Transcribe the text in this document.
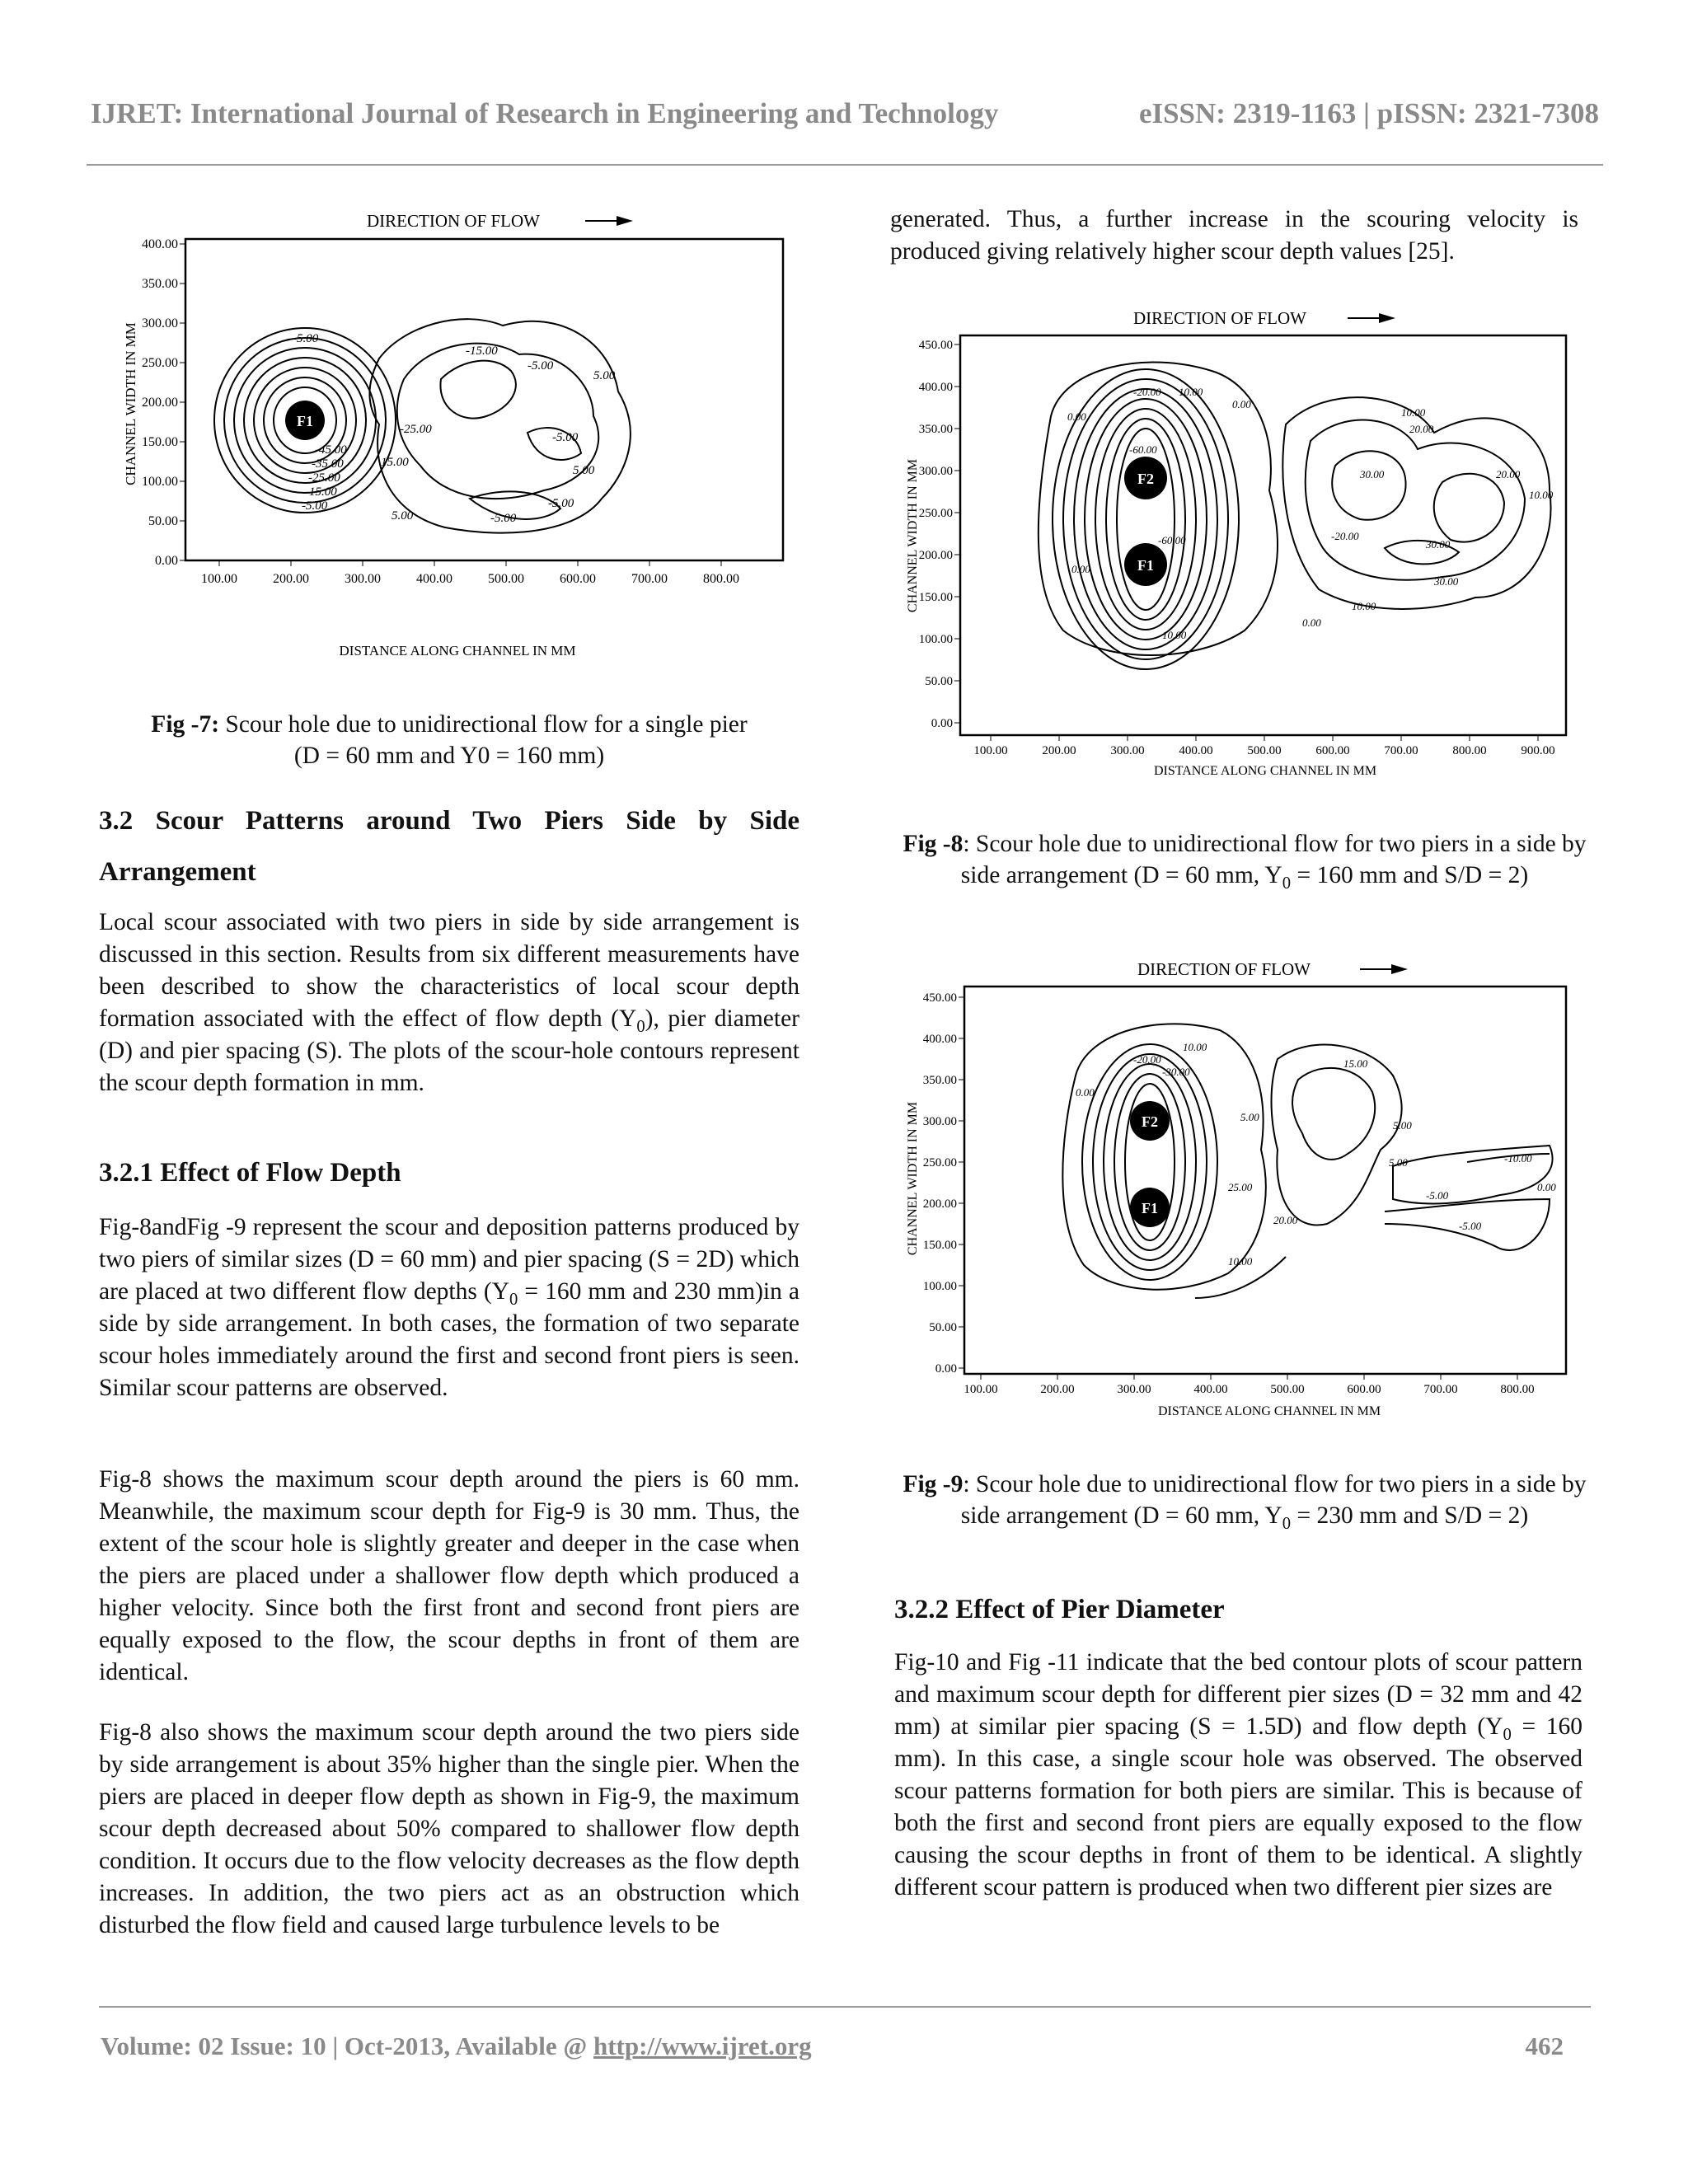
IJRET: International Journal of Research in Engineering and Technology	eISSN: 2319-1163 | pISSN: 2321-7308
DIRECTION OF FLOW
0.00
50.00
100.00
150.00
200.00
250.00
300.00
350.00
400.00
100.00	200.00	300.00	400.00	500.00	600.00	700.00	800.00
DISTANCE ALONG CHANNEL IN MM
CHANNEL WIDTH IN MM	F1
-5.00
-15.00
-5.00
5.00
-25.00
15.00
5.00
-5.00
-5.00
-5.00
-45.00
-35.00
-25.00
-15.00
-5.00
5.00
Fig -7: Scour hole due to unidirectional flow for a single pier
(D = 60 mm and Y0 = 160 mm)
3.2 Scour Patterns around Two Piers Side by Side
Arrangement

Local scour associated with two piers in side by side arrangement is discussed in this section. Results from six different measurements have been described to show the characteristics of local scour depth formation associated with the effect of flow depth $(Y_0)$, pier diameter (D) and pier spacing (S). The plots of the scour-hole contours represent the scour depth formation in mm.

3.2.1 Effect of Flow Depth

Fig-8andFig -9 represent the scour and deposition patterns produced by two piers of similar sizes (D = 60 mm) and pier spacing (S = 2D) which are placed at two different flow depths ($Y_0 = 160$ mm and 230 mm)in a side by side arrangement. In both cases, the formation of two separate scour holes immediately around the first and second front piers is seen. Similar scour patterns are observed.

Fig-8 shows the maximum scour depth around the piers is 60 mm. Meanwhile, the maximum scour depth for Fig-9 is 30 mm. Thus, the extent of the scour hole is slightly greater and deeper in the case when the piers are placed under a shallower flow depth which produced a higher velocity. Since both the first front and second front piers are equally exposed to the flow, the scour depths in front of them are identical.

Fig-8 also shows the maximum scour depth around the two piers side by side arrangement is about 35% higher than the single pier. When the piers are placed in deeper flow depth as shown in Fig-9, the maximum scour depth decreased about 50% compared to shallower flow depth condition. It occurs due to the flow velocity decreases as the flow depth increases. In addition, the two piers act as an obstruction which disturbed the flow field and caused large turbulence levels to be

generated. Thus, a further increase in the scouring velocity is produced giving relatively higher scour depth values [25].

DIRECTION OF FLOW
0.00
50.00
100.00
150.00
200.00
250.00
300.00
350.00
400.00
450.00
100.00	200.00	300.00	400.00	500.00	600.00	700.00	800.00	900.00
DISTANCE ALONG CHANNEL IN MM
CHANNEL WIDTH IN MM	F2
F1
0.00
-20.00 10.00
0.00
-60.00
10.00
20.00
30.00
-20.00
30.00
20.00
10.00
0.00
10.00
-60.00
0.00
30.00
10.00
Fig -8: Scour hole due to unidirectional flow for two piers in a side by side arrangement (D = 60 mm, $Y_0 = 160$ mm and S/D = 2)
DIRECTION OF FLOW
0.00
50.00
100.00
150.00
200.00
250.00
300.00
350.00
400.00
450.00
100.00	200.00	300.00	400.00	500.00	600.00	700.00	800.00
DISTANCE ALONG CHANNEL IN MM
CHANNEL WIDTH IN MM	F2
F1
-20.00
-30.00
10.00
15.00
0.00
5.00
25.00
5.00
-10.00
10.00
0.00
-5.00
-5.00
5.00
20.00
Fig -9: Scour hole due to unidirectional flow for two piers in a side by side arrangement (D = 60 mm, $Y_0 = 230$ mm and S/D = 2)
3.2.2 Effect of Pier Diameter

Fig-10 and Fig -11 indicate that the bed contour plots of scour pattern and maximum scour depth for different pier sizes (D = 32 mm and 42 mm) at similar pier spacing (S = 1.5D) and flow depth ($Y_0 = 160$ mm). In this case, a single scour hole was observed. The observed scour patterns formation for both piers are similar. This is because of both the first and second front piers are equally exposed to the flow causing the scour depths in front of them to be identical. A slightly different scour pattern is produced when two different pier sizes are

Volume: 02 Issue: 10 | Oct-2013, Available @ http://www.ijret.org	462
